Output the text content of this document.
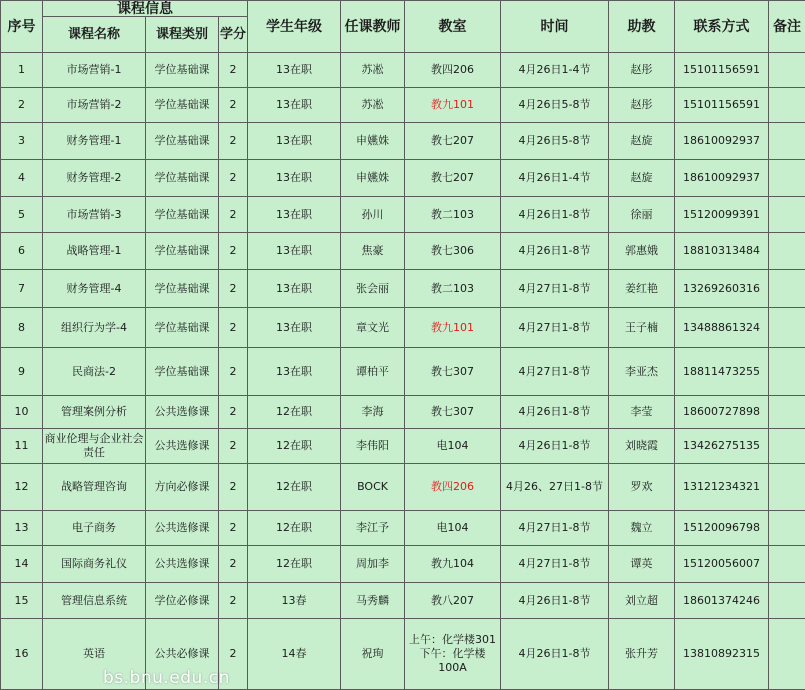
序号	课程信息			学生年级	任课教师	教室	时间	助教	联系方式	备注
	课程名称	课程类别	学分							
1	市场营销-1	学位基础课	2	13在职	苏凇	教四206	4月26日1-4节	赵彤	15101156591	
2	市场营销-2	学位基础课	2	13在职	苏凇	教九101	4月26日5-8节	赵彤	15101156591	
3	财务管理-1	学位基础课	2	13在职	申嬿姝	教七207	4月26日5-8节	赵旋	18610092937	
4	财务管理-2	学位基础课	2	13在职	申嬿姝	教七207	4月26日1-4节	赵旋	18610092937	
5	市场营销-3	学位基础课	2	13在职	孙川	教二103	4月26日1-8节	徐丽	15120099391	
6	战略管理-1	学位基础课	2	13在职	焦豪	教七306	4月26日1-8节	郭惠娥	18810313484	
7	财务管理-4	学位基础课	2	13在职	张会丽	教二103	4月27日1-8节	姜红艳	13269260316	
8	组织行为学-4	学位基础课	2	13在职	章文光	教九101	4月27日1-8节	王子楠	13488861324	
9	民商法-2	学位基础课	2	13在职	谭柏平	教七307	4月27日1-8节	李亚杰	18811473255	
10	管理案例分析	公共选修课	2	12在职	李海	教七307	4月26日1-8节	李莹	18600727898	
11	商业伦理与企业社会责任	公共选修课	2	12在职	李伟阳	电104	4月26日1-8节	刘晓霞	13426275135	
12	战略管理咨询	方向必修课	2	12在职	BOCK	教四206	4月26、27日1-8节	罗欢	13121234321	
13	电子商务	公共选修课	2	12在职	李江予	电104	4月27日1-8节	魏立	15120096798	
14	国际商务礼仪	公共选修课	2	12在职	周加李	教九104	4月27日1-8节	谭英	15120056007	
15	管理信息系统	学位必修课	2	13春	马秀麟	教八207	4月26日1-8节	刘立超	18601374246	
16	英语	公共必修课	2	14春	祝珣	上午：化学楼301 下午：化学楼100A	4月26日1-8节	张升芳	13810892315	
bs.bnu.edu.cn
